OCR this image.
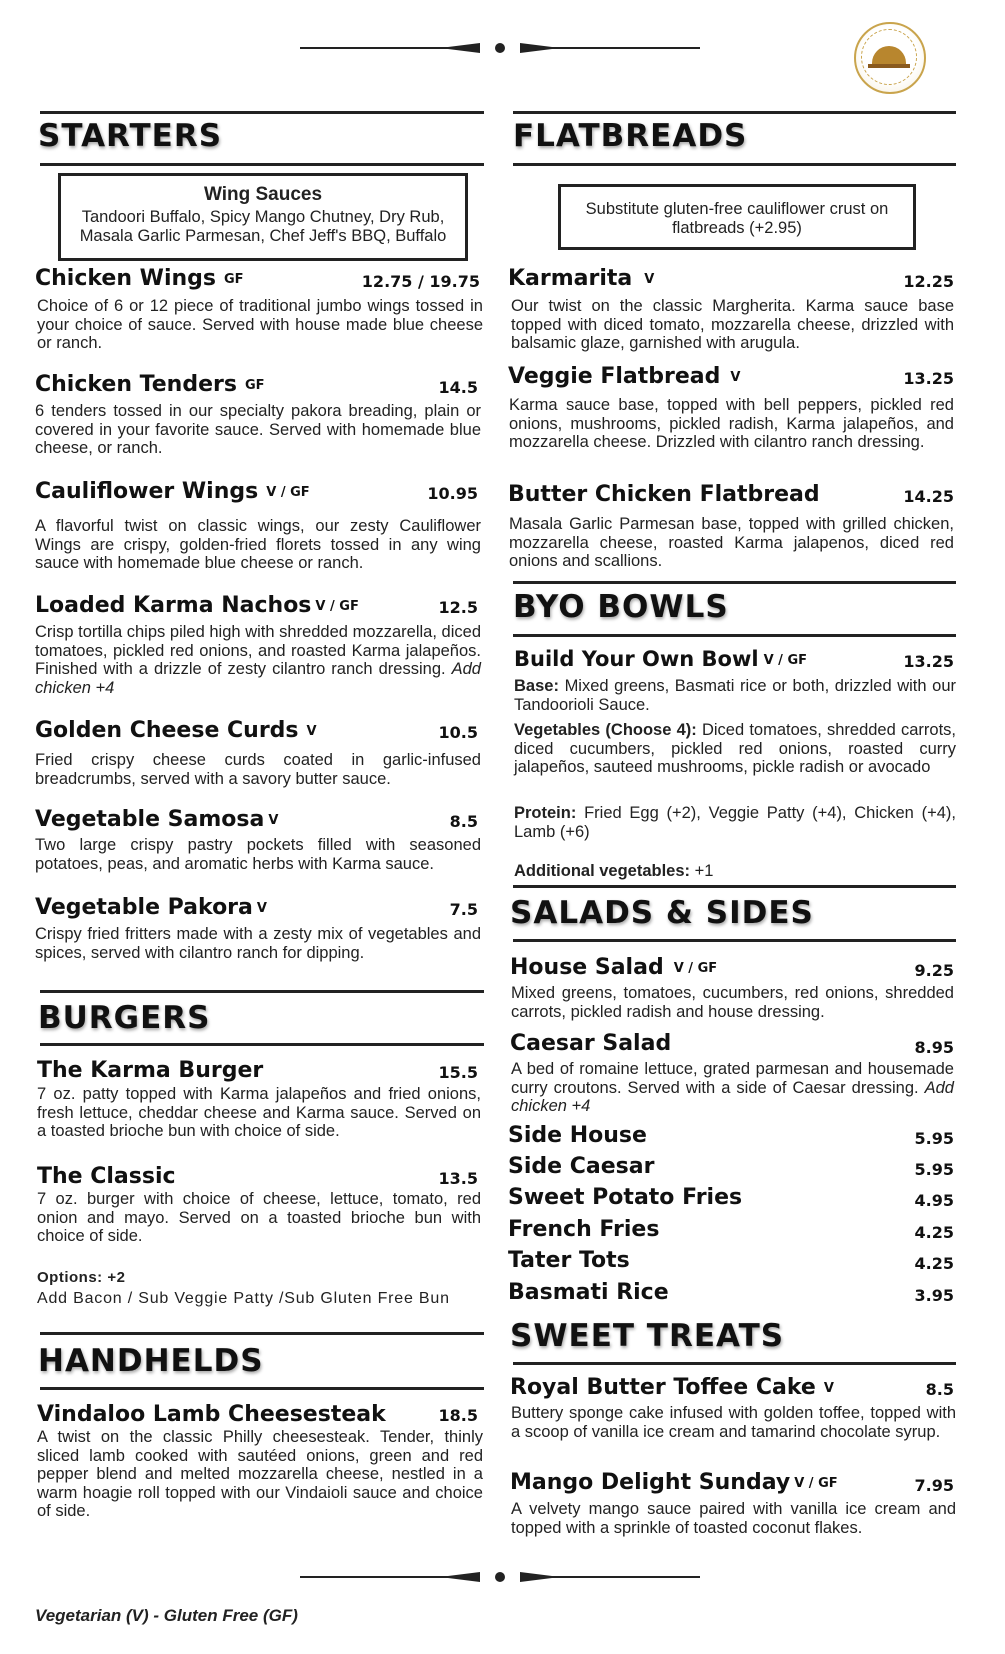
STARTERS
Wing Sauces
Tandoori Buffalo, Spicy Mango Chutney, Dry Rub, Masala Garlic Parmesan, Chef Jeff's BBQ, Buffalo
Chicken Wings GF	12.75 / 19.75
Choice of 6 or 12 piece of traditional jumbo wings tossed in your choice of sauce. Served with house made blue cheese or ranch.
Chicken Tenders GF	14.5
6 tenders tossed in our specialty pakora breading, plain or covered in your favorite sauce. Served with homemade blue cheese, or ranch.
Cauliflower Wings V / GF	10.95
A flavorful twist on classic wings, our zesty Cauliflower Wings are crispy, golden-fried florets tossed in any wing sauce with homemade blue cheese or ranch.
Loaded Karma Nachos V / GF	12.5
Crisp tortilla chips piled high with shredded mozzarella, diced tomatoes, pickled red onions, and roasted Karma jalapeños. Finished with a drizzle of zesty cilantro ranch dressing. Add chicken +4
Golden Cheese Curds V	10.5
Fried crispy cheese curds coated in garlic-infused breadcrumbs, served with a savory butter sauce.
Vegetable Samosa V	8.5
Two large crispy pastry pockets filled with seasoned potatoes, peas, and aromatic herbs with Karma sauce.
Vegetable Pakora V	7.5
Crispy fried fritters made with a zesty mix of vegetables and spices, served with cilantro ranch for dipping.
BURGERS
The Karma Burger	15.5
7 oz. patty topped with Karma jalapeños and fried onions, fresh lettuce, cheddar cheese and Karma sauce. Served on a toasted brioche bun with choice of side.
The Classic	13.5
7 oz. burger with choice of cheese, lettuce, tomato, red onion and mayo. Served on a toasted brioche bun with choice of side.
Options: +2
Add Bacon / Sub Veggie Patty /Sub Gluten Free Bun
HANDHELDS
Vindaloo Lamb Cheesesteak	18.5
A twist on the classic Philly cheesesteak. Tender, thinly sliced lamb cooked with sautéed onions, green and red pepper blend and melted mozzarella cheese, nestled in a warm hoagie roll topped with our Vindaioli sauce and choice of side.
FLATBREADS
Substitute gluten-free cauliflower crust on flatbreads (+2.95)
Karmarita V	12.25
Our twist on the classic Margherita. Karma sauce base topped with diced tomato, mozzarella cheese, drizzled with balsamic glaze, garnished with arugula.
Veggie Flatbread V	13.25
Karma sauce base, topped with bell peppers, pickled red onions, mushrooms, pickled radish, Karma jalapeños, and mozzarella cheese. Drizzled with cilantro ranch dressing.
Butter Chicken Flatbread	14.25
Masala Garlic Parmesan base, topped with grilled chicken, mozzarella cheese, roasted Karma jalapenos, diced red onions and scallions.
BYO BOWLS
Build Your Own Bowl V / GF	13.25
Base: Mixed greens, Basmati rice or both, drizzled with our Tandoorioli Sauce.
Vegetables (Choose 4): Diced tomatoes, shredded carrots, diced cucumbers, pickled red onions, roasted curry jalapeños, sauteed mushrooms, pickle radish or avocado
Protein: Fried Egg (+2), Veggie Patty (+4), Chicken (+4), Lamb (+6)
Additional vegetables: +1
SALADS & SIDES
House Salad V / GF	9.25
Mixed greens, tomatoes, cucumbers, red onions, shredded carrots, pickled radish and house dressing.
Caesar Salad	8.95
A bed of romaine lettuce, grated parmesan and housemade curry croutons. Served with a side of Caesar dressing. Add chicken +4
Side House	5.95
Side Caesar	5.95
Sweet Potato Fries	4.95
French Fries	4.25
Tater Tots	4.25
Basmati Rice	3.95
SWEET TREATS
Royal Butter Toffee Cake V	8.5
Buttery sponge cake infused with golden toffee, topped with a scoop of vanilla ice cream and tamarind chocolate syrup.
Mango Delight Sunday V / GF	7.95
A velvety mango sauce paired with vanilla ice cream and topped with a sprinkle of toasted coconut flakes.
Vegetarian (V) - Gluten Free (GF)
